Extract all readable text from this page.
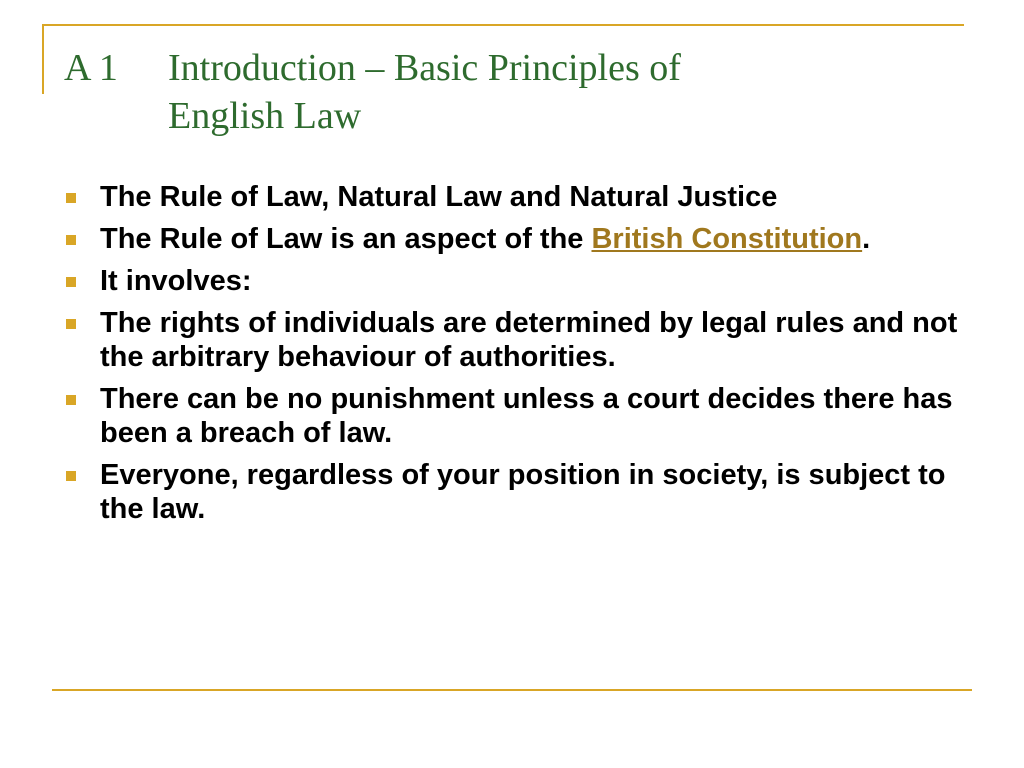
A 1	Introduction – Basic Principles of
English Law
The Rule of Law, Natural Law and Natural Justice
The Rule of Law is an aspect of the British Constitution.
It involves:
The rights of individuals are determined by legal rules and not the arbitrary behaviour of authorities.
There can be no punishment unless a court decides there has been a breach of law.
Everyone, regardless of your position in society, is subject to the law.
